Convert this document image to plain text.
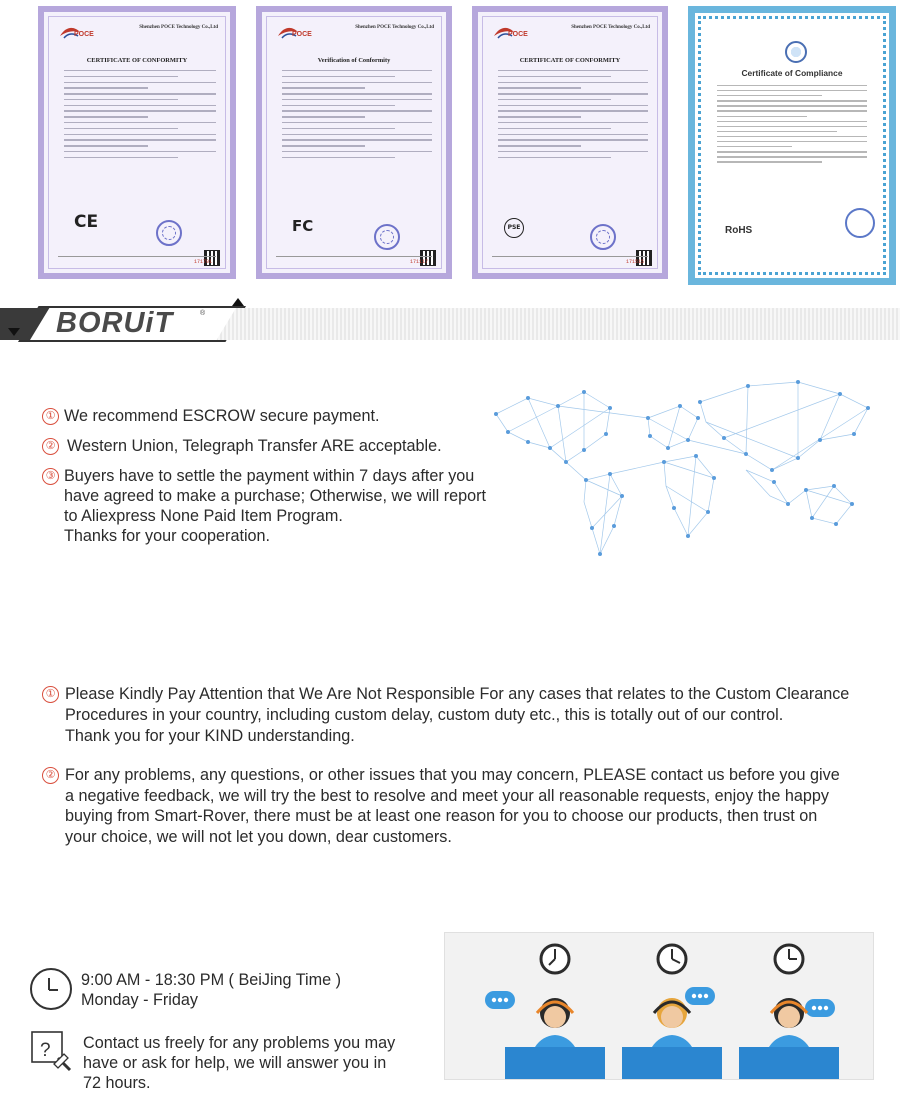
POCE
Shenzhen POCE Technology Co.,Ltd
CERTIFICATE OF CONFORMITY
CE
171701
POCE
Shenzhen POCE Technology Co.,Ltd
Verification of Conformity
FC
171117
POCE
Shenzhen POCE Technology Co.,Ltd
CERTIFICATE OF CONFORMITY
PSE
171515
Certificate of Compliance
RoHS
BORUiT	®
① We recommend ESCROW secure payment.
② Western Union, Telegraph Transfer ARE acceptable.
③ Buyers have to settle the payment within 7 days after you
have agreed to make a purchase; Otherwise, we will report
to Aliexpress None Paid Item Program.
Thanks for your cooperation.
① Please Kindly Pay Attention that We Are Not Responsible For any cases that relates to the Custom Clearance
Procedures in your country, including custom delay, custom duty etc., this is totally out of our control.
Thank you for your KIND understanding.
② For any problems, any questions, or other issues that you may concern, PLEASE contact us before you give
a negative feedback, we will try the best to resolve and meet your all reasonable requests, enjoy the happy
buying from Smart-Rover, there must be at least one reason for you to choose our products, then trust on
your choice, we will not let you down, dear customers.
9:00 AM - 18:30 PM ( BeiJing Time )
Monday - Friday
? Contact us freely for any problems you may
have or ask for help, we will answer you in
72 hours.
